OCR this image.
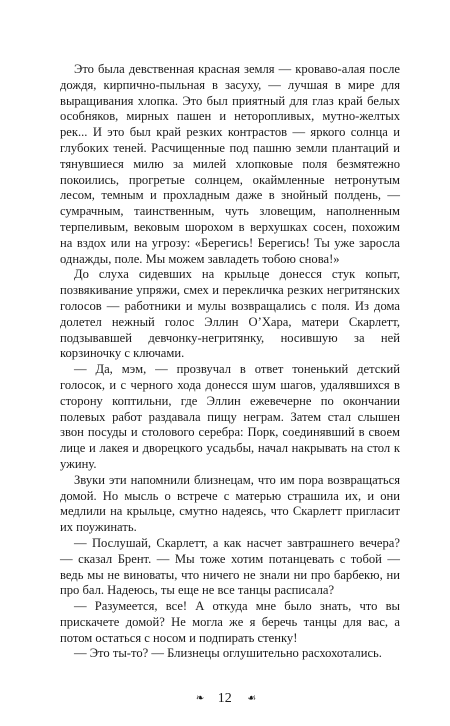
Это была девственная красная земля — кроваво-алая после дождя, кирпично-пыльная в засуху, — лучшая в мире для выращивания хлопка. Это был приятный для глаз край белых особняков, мирных пашен и неторопливых, мутно-желтых рек... И это был край резких контрастов — яркого солнца и глубоких теней. Расчищенные под пашню земли плантаций и тянувшиеся милю за милей хлопковые поля безмятежно покоились, прогретые солнцем, окаймленные нетронутым лесом, темным и прохладным даже в знойный полдень, — сумрачным, таинственным, чуть зловещим, наполненным терпеливым, вековым шорохом в верхушках сосен, похожим на вздох или на угрозу: «Берегись! Берегись! Ты уже заросла однажды, поле. Мы можем завладеть тобою снова!»

До слуха сидевших на крыльце донесся стук копыт, позвякивание упряжи, смех и перекличка резких негритянских голосов — работники и мулы возвращались с поля. Из дома долетел нежный голос Эллин О’Хара, матери Скарлетт, подзывавшей девчонку-негритянку, носившую за ней корзиночку с ключами.

— Да, мэм, — прозвучал в ответ тоненький детский голосок, и с черного хода донесся шум шагов, удалявшихся в сторону коптильни, где Эллин ежевечерне по окончании полевых работ раздавала пищу неграм. Затем стал слышен звон посуды и столового серебра: Порк, соединявший в своем лице и лакея и дворецкого усадьбы, начал накрывать на стол к ужину.

Звуки эти напомнили близнецам, что им пора возвращаться домой. Но мысль о встрече с матерью страшила их, и они медлили на крыльце, смутно надеясь, что Скарлетт пригласит их поужинать.

— Послушай, Скарлетт, а как насчет завтрашнего вечера? — сказал Брент. — Мы тоже хотим потанцевать с тобой — ведь мы не виноваты, что ничего не знали ни про барбекю, ни про бал. Надеюсь, ты еще не все танцы расписала?

— Разумеется, все! А откуда мне было знать, что вы прискачете домой? Не могла же я беречь танцы для вас, а потом остаться с носом и подпирать стенку!

— Это ты-то? — Близнецы оглушительно расхохотались.

❧ 12 ☙
